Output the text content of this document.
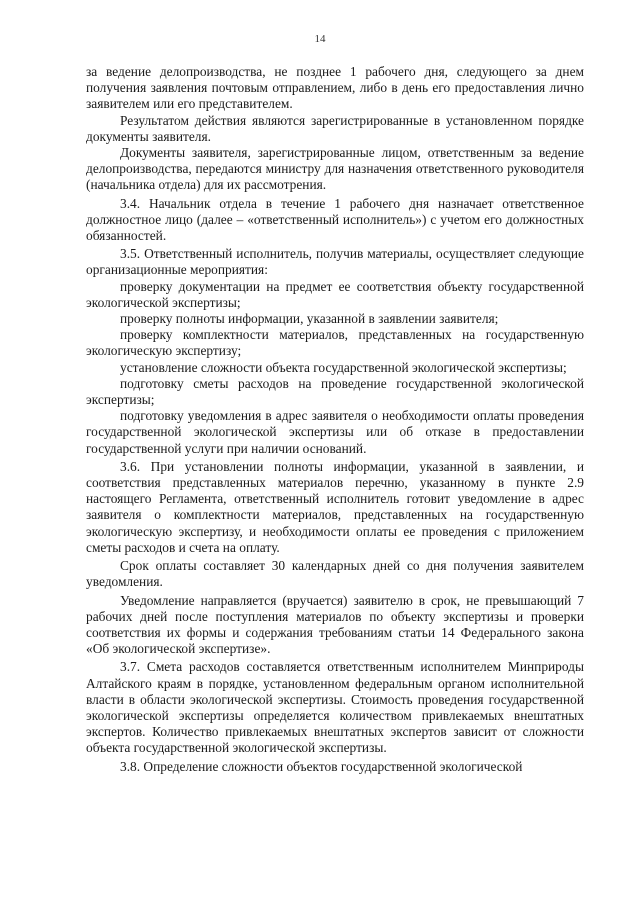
14

за ведение делопроизводства, не позднее 1 рабочего дня, следующего за днем получения заявления почтовым отправлением, либо в день его предоставления лично заявителем или его представителем.

Результатом действия являются зарегистрированные в установленном порядке документы заявителя.

Документы заявителя, зарегистрированные лицом, ответственным за ведение делопроизводства, передаются министру для назначения ответственного руководителя (начальника отдела) для их рассмотрения.

3.4. Начальник отдела в течение 1 рабочего дня назначает ответственное должностное лицо (далее – «ответственный исполнитель») с учетом его должностных обязанностей.

3.5. Ответственный исполнитель, получив материалы, осуществляет следующие организационные мероприятия:

проверку документации на предмет ее соответствия объекту государственной экологической экспертизы;

проверку полноты информации, указанной в заявлении заявителя;

проверку комплектности материалов, представленных на государственную экологическую экспертизу;

установление сложности объекта государственной экологической экспертизы;

подготовку сметы расходов на проведение государственной экологической экспертизы;

подготовку уведомления в адрес заявителя о необходимости оплаты проведения государственной экологической экспертизы или об отказе в предоставлении государственной услуги при наличии оснований.

3.6. При установлении полноты информации, указанной в заявлении, и соответствия представленных материалов перечню, указанному в пункте 2.9 настоящего Регламента, ответственный исполнитель готовит уведомление в адрес заявителя о комплектности материалов, представленных на государственную экологическую экспертизу, и необходимости оплаты ее проведения с приложением сметы расходов и счета на оплату.

Срок оплаты составляет 30 календарных дней со дня получения заявителем уведомления.

Уведомление направляется (вручается) заявителю в срок, не превышающий 7 рабочих дней после поступления материалов по объекту экспертизы и проверки соответствия их формы и содержания требованиям статьи 14 Федерального закона «Об экологической экспертизе».

3.7. Смета расходов составляется ответственным исполнителем Минприроды Алтайского краям в порядке, установленном федеральным органом исполнительной власти в области экологической экспертизы. Стоимость проведения государственной экологической экспертизы определяется количеством привлекаемых внештатных экспертов. Количество привлекаемых внештатных экспертов зависит от сложности объекта государственной экологической экспертизы.

3.8. Определение сложности объектов государственной экологической
